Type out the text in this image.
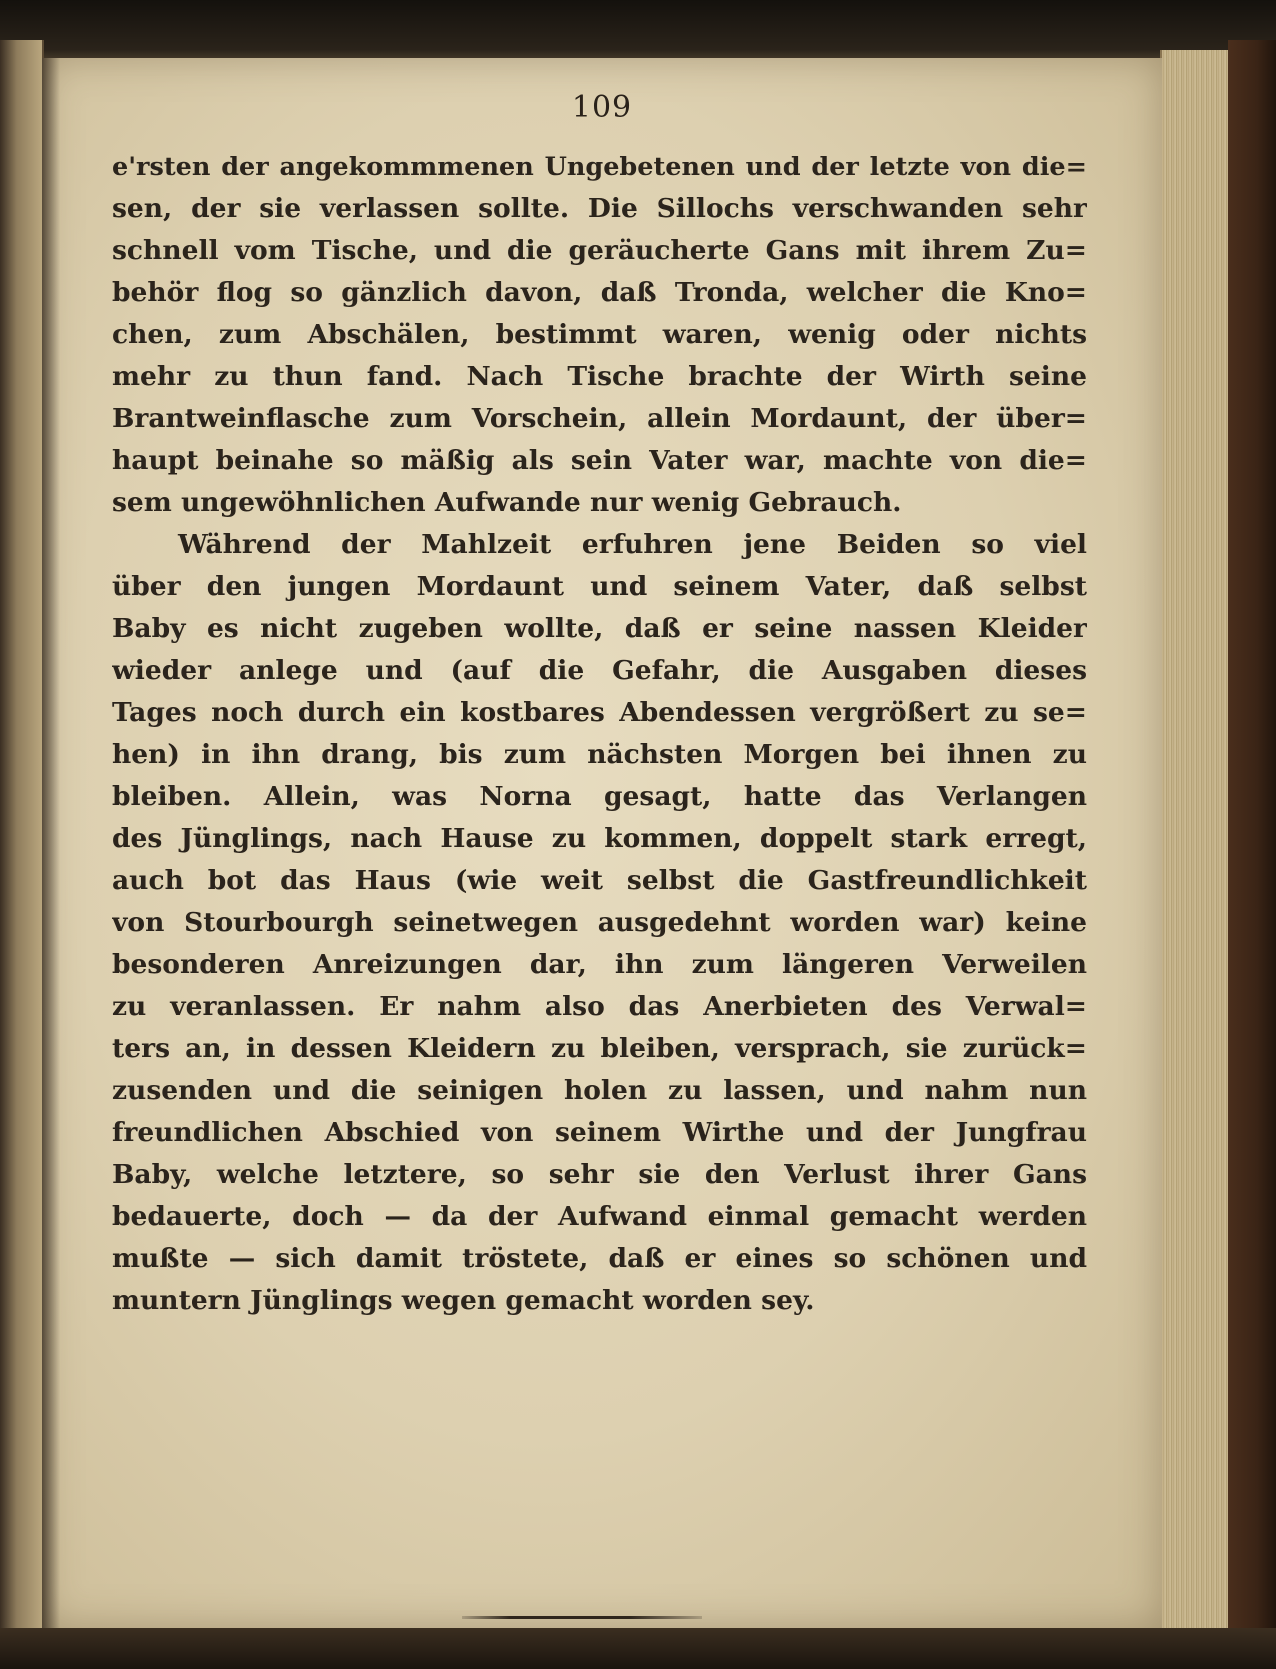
109
e'rsten der angekommmenen Ungebetenen und der letzte von die=
sen, der sie verlassen sollte. Die Sillochs verschwanden sehr
schnell vom Tische, und die geräucherte Gans mit ihrem Zu=
behör flog so gänzlich davon, daß Tronda, welcher die Kno=
chen, zum Abschälen, bestimmt waren, wenig oder nichts
mehr zu thun fand. Nach Tische brachte der Wirth seine
Brantweinflasche zum Vorschein, allein Mordaunt, der über=
haupt beinahe so mäßig als sein Vater war, machte von die=
sem ungewöhnlichen Aufwande nur wenig Gebrauch.
Während der Mahlzeit erfuhren jene Beiden so viel
über den jungen Mordaunt und seinem Vater, daß selbst
Baby es nicht zugeben wollte, daß er seine nassen Kleider
wieder anlege und (auf die Gefahr, die Ausgaben dieses
Tages noch durch ein kostbares Abendessen vergrößert zu se=
hen) in ihn drang, bis zum nächsten Morgen bei ihnen zu
bleiben. Allein, was Norna gesagt, hatte das Verlangen
des Jünglings, nach Hause zu kommen, doppelt stark erregt,
auch bot das Haus (wie weit selbst die Gastfreundlichkeit
von Stourbourgh seinetwegen ausgedehnt worden war) keine
besonderen Anreizungen dar, ihn zum längeren Verweilen
zu veranlassen. Er nahm also das Anerbieten des Verwal=
ters an, in dessen Kleidern zu bleiben, versprach, sie zurück=
zusenden und die seinigen holen zu lassen, und nahm nun
freundlichen Abschied von seinem Wirthe und der Jungfrau
Baby, welche letztere, so sehr sie den Verlust ihrer Gans
bedauerte, doch — da der Aufwand einmal gemacht werden
mußte — sich damit tröstete, daß er eines so schönen und
muntern Jünglings wegen gemacht worden sey.
